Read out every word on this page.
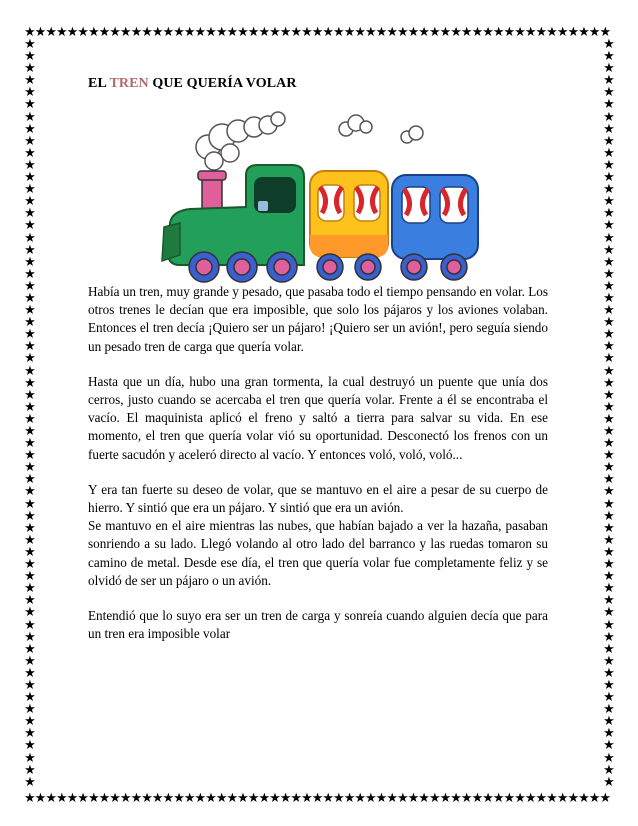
★★★★★★★★★★★★★★★★★★★★★★★★★★★★★★★★★★★★★★★★★★★★★★★★★★★★★★★
★★★★★★★★★★★★★★★★★★★★★★★★★★★★★★★★★★★★★★★★★★★★★★★★★★★★★★★
★
★
★
★
★
★
★
★
★
★
★
★
★
★
★
★
★
★
★
★
★
★
★
★
★
★
★
★
★
★
★
★
★
★
★
★
★
★
★
★
★
★
★
★
★
★
★
★
★
★
★
★
★
★
★
★
★
★
★
★
★
★
★
★
★
★
★
★
★
★
★
★
★
★
★
★
★
★
★
★
★
★
★
★
★
★
★
★
★
★
★
★
★
★
★
★
★
★
★
★
★
★
★
★
★
★
★
★
★
★
★
★
★
★
★
★
★
★
★
★
★
★
★
★
EL TREN QUE QUERÍA VOLAR

Había un tren, muy grande y pesado, que pasaba todo el tiempo pensando en volar. Los otros trenes le decían que era imposible, que solo los pájaros y los aviones volaban. Entonces el tren decía ¡Quiero ser un pájaro! ¡Quiero ser un avión!, pero seguía siendo un pesado tren de carga que quería volar.

Hasta que un día, hubo una gran tormenta, la cual destruyó un puente que unía dos cerros, justo cuando se acercaba el tren que quería volar. Frente a él se encontraba el vacío. El maquinista aplicó el freno y saltó a tierra para salvar su vida. En ese momento, el tren que quería volar vió su oportunidad. Desconectó los frenos con un fuerte sacudón y aceleró directo al vacío. Y entonces voló, voló, voló...

Y era tan fuerte su deseo de volar, que se mantuvo en el aire a pesar de su cuerpo de hierro. Y sintió que era un pájaro. Y sintió que era un avión.

Se mantuvo en el aire mientras las nubes, que habían bajado a ver la hazaña, pasaban sonriendo a su lado. Llegó volando al otro lado del barranco y las ruedas tomaron su camino de metal. Desde ese día, el tren que quería volar fue completamente feliz y se olvidó de ser un pájaro o un avión.

Entendió que lo suyo era ser un tren de carga y sonreía cuando alguien decía que para un tren era imposible volar
